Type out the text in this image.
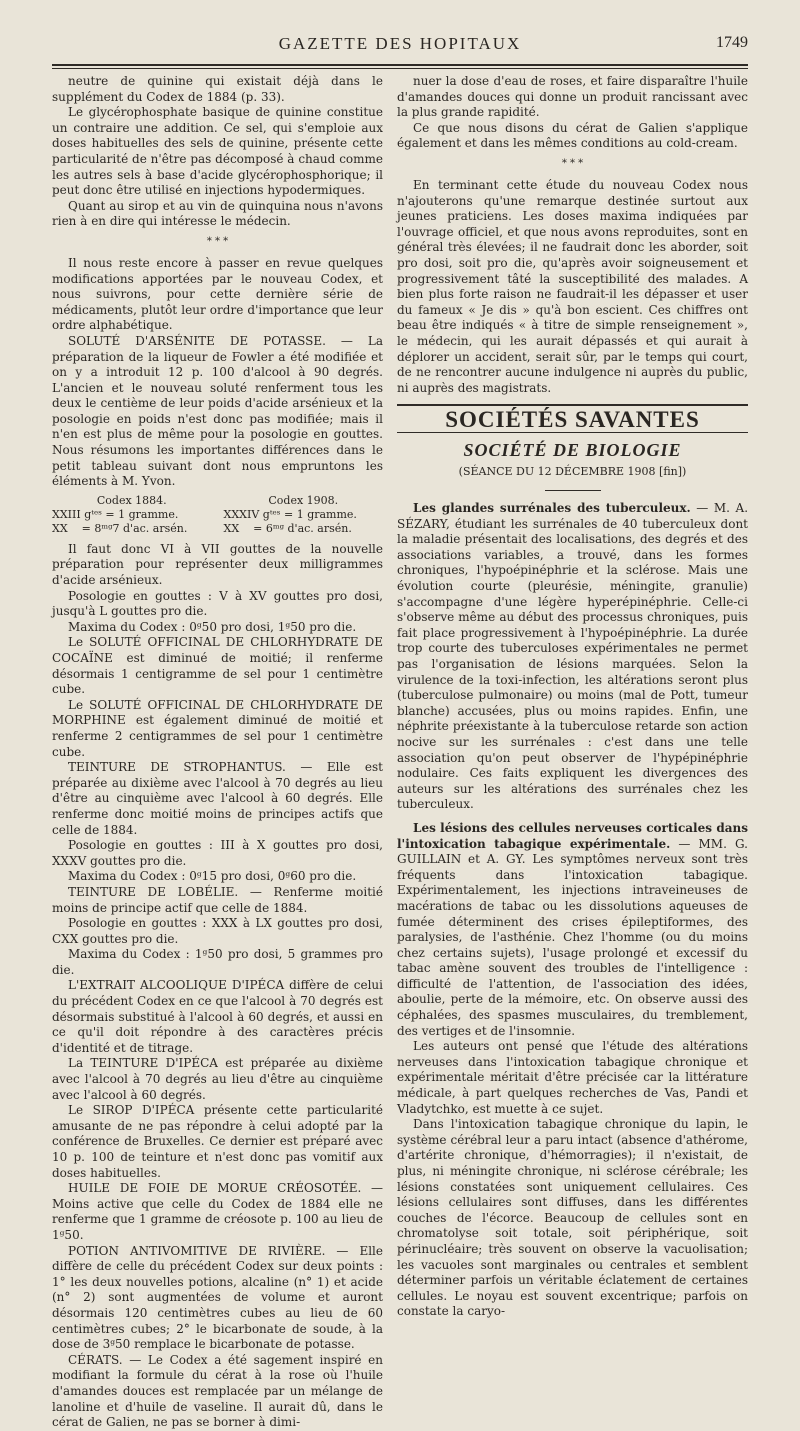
GAZETTE DES HOPITAUX	1749

neutre de quinine qui existait déjà dans le supplément du Codex de 1884 (p. 33).

Le glycérophosphate basique de quinine constitue un contraire une addition. Ce sel, qui s'emploie aux doses habituelles des sels de quinine, présente cette particularité de n'être pas décomposé à chaud comme les autres sels à base d'acide glycérophosphorique; il peut donc être utilisé en injections hypodermiques.

Quant au sirop et au vin de quinquina nous n'avons rien à en dire qui intéresse le médecin.

* * *

Il nous reste encore à passer en revue quelques modifications apportées par le nouveau Codex, et nous suivrons, pour cette dernière série de médicaments, plutôt leur ordre d'importance que leur ordre alphabétique.

SOLUTÉ D'ARSÉNITE DE POTASSE. — La préparation de la liqueur de Fowler a été modifiée et on y a introduit 12 p. 100 d'alcool à 90 degrés. L'ancien et le nouveau soluté renferment tous les deux le centième de leur poids d'acide arsénieux et la posologie en poids n'est donc pas modifiée; mais il n'en est plus de même pour la posologie en gouttes. Nous résumons les importantes différences dans le petit tableau suivant dont nous empruntons les éléments à M. Yvon.

Codex 1884.	Codex 1908.
XXIII gᵗᵉˢ = 1 gramme.	XXXIV gᵗᵉˢ = 1 gramme.
XX    = 8ᵐᵍ7 d'ac. arsén.	XX    = 6ᵐᵍ d'ac. arsén.

Il faut donc VI à VII gouttes de la nouvelle préparation pour représenter deux milligrammes d'acide arsénieux.

Posologie en gouttes : V à XV gouttes pro dosi, jusqu'à L gouttes pro die.

Maxima du Codex : 0ᵍ50 pro dosi, 1ᵍ50 pro die.

Le SOLUTÉ OFFICINAL DE CHLORHYDRATE DE COCAÏNE est diminué de moitié; il renferme désormais 1 centigramme de sel pour 1 centimètre cube.

Le SOLUTÉ OFFICINAL DE CHLORHYDRATE DE MORPHINE est également diminué de moitié et renferme 2 centigrammes de sel pour 1 centimètre cube.

TEINTURE DE STROPHANTUS. — Elle est préparée au dixième avec l'alcool à 70 degrés au lieu d'être au cinquième avec l'alcool à 60 degrés. Elle renferme donc moitié moins de principes actifs que celle de 1884.

Posologie en gouttes : III à X gouttes pro dosi, XXXV gouttes pro die.

Maxima du Codex : 0ᵍ15 pro dosi, 0ᵍ60 pro die.

TEINTURE DE LOBÉLIE. — Renferme moitié moins de principe actif que celle de 1884.

Posologie en gouttes : XXX à LX gouttes pro dosi, CXX gouttes pro die.

Maxima du Codex : 1ᵍ50 pro dosi, 5 grammes pro die.

L'EXTRAIT ALCOOLIQUE D'IPÉCA diffère de celui du précédent Codex en ce que l'alcool à 70 degrés est désormais substitué à l'alcool à 60 degrés, et aussi en ce qu'il doit répondre à des caractères précis d'identité et de titrage.

La TEINTURE D'IPÉCA est préparée au dixième avec l'alcool à 70 degrés au lieu d'être au cinquième avec l'alcool à 60 degrés.

Le SIROP D'IPÉCA présente cette particularité amusante de ne pas répondre à celui adopté par la conférence de Bruxelles. Ce dernier est préparé avec 10 p. 100 de teinture et n'est donc pas vomitif aux doses habituelles.

HUILE DE FOIE DE MORUE CRÉOSOTÉE. — Moins active que celle du Codex de 1884 elle ne renferme que 1 gramme de créosote p. 100 au lieu de 1ᵍ50.

POTION ANTIVOMITIVE DE RIVIÈRE. — Elle diffère de celle du précédent Codex sur deux points : 1° les deux nouvelles potions, alcaline (n° 1) et acide (n° 2) sont augmentées de volume et auront désormais 120 centimètres cubes au lieu de 60 centimètres cubes; 2° le bicarbonate de soude, à la dose de 3ᵍ50 remplace le bicarbonate de potasse.

CÉRATS. — Le Codex a été sagement inspiré en modifiant la formule du cérat à la rose où l'huile d'amandes douces est remplacée par un mélange de lanoline et d'huile de vaseline. Il aurait dû, dans le cérat de Galien, ne pas se borner à dimi-

nuer la dose d'eau de roses, et faire disparaître l'huile d'amandes douces qui donne un produit rancissant avec la plus grande rapidité.

Ce que nous disons du cérat de Galien s'applique également et dans les mêmes conditions au cold-cream.

* * *

En terminant cette étude du nouveau Codex nous n'ajouterons qu'une remarque destinée surtout aux jeunes praticiens. Les doses maxima indiquées par l'ouvrage officiel, et que nous avons reproduites, sont en général très élevées; il ne faudrait donc les aborder, soit pro dosi, soit pro die, qu'après avoir soigneusement et progressivement tâté la susceptibilité des malades. A bien plus forte raison ne faudrait-il les dépasser et user du fameux « Je dis » qu'à bon escient. Ces chiffres ont beau être indiqués « à titre de simple renseignement », le médecin, qui les aurait dépassés et qui aurait à déplorer un accident, serait sûr, par le temps qui court, de ne rencontrer aucune indulgence ni auprès du public, ni auprès des magistrats.

SOCIÉTÉS SAVANTES
SOCIÉTÉ DE BIOLOGIE
(SÉANCE DU 12 DÉCEMBRE 1908 [fin])

Les glandes surrénales des tuberculeux. — M. A. SÉZARY, étudiant les surrénales de 40 tuberculeux dont la maladie présentait des localisations, des degrés et des associations variables, a trouvé, dans les formes chroniques, l'hypoépinéphrie et la sclérose. Mais une évolution courte (pleurésie, méningite, granulie) s'accompagne d'une légère hyperépinéphrie. Celle-ci s'observe même au début des processus chroniques, puis fait place progressivement à l'hypoépinéphrie. La durée trop courte des tuberculoses expérimentales ne permet pas l'organisation de lésions marquées. Selon la virulence de la toxi-infection, les altérations seront plus (tuberculose pulmonaire) ou moins (mal de Pott, tumeur blanche) accusées, plus ou moins rapides. Enfin, une néphrite préexistante à la tuberculose retarde son action nocive sur les surrénales : c'est dans une telle association qu'on peut observer de l'hypépinéphrie nodulaire. Ces faits expliquent les divergences des auteurs sur les altérations des surrénales chez les tuberculeux.

Les lésions des cellules nerveuses corticales dans l'intoxication tabagique expérimentale. — MM. G. GUILLAIN et A. GY. Les symptômes nerveux sont très fréquents dans l'intoxication tabagique. Expérimentalement, les injections intraveineuses de macérations de tabac ou les dissolutions aqueuses de fumée déterminent des crises épileptiformes, des paralysies, de l'asthénie. Chez l'homme (ou du moins chez certains sujets), l'usage prolongé et excessif du tabac amène souvent des troubles de l'intelligence : difficulté de l'attention, de l'association des idées, aboulie, perte de la mémoire, etc. On observe aussi des céphalées, des spasmes musculaires, du tremblement, des vertiges et de l'insomnie.

Les auteurs ont pensé que l'étude des altérations nerveuses dans l'intoxication tabagique chronique et expérimentale méritait d'être précisée car la littérature médicale, à part quelques recherches de Vas, Pandi et Vladytchko, est muette à ce sujet.

Dans l'intoxication tabagique chronique du lapin, le système cérébral leur a paru intact (absence d'athérome, d'artérite chronique, d'hémorragies); il n'existait, de plus, ni méningite chronique, ni sclérose cérébrale; les lésions constatées sont uniquement cellulaires. Ces lésions cellulaires sont diffuses, dans les différentes couches de l'écorce. Beaucoup de cellules sont en chromatolyse soit totale, soit périphérique, soit périnucléaire; très souvent on observe la vacuolisation; les vacuoles sont marginales ou centrales et semblent déterminer parfois un véritable éclatement de certaines cellules. Le noyau est souvent excentrique; parfois on constate la caryo-
